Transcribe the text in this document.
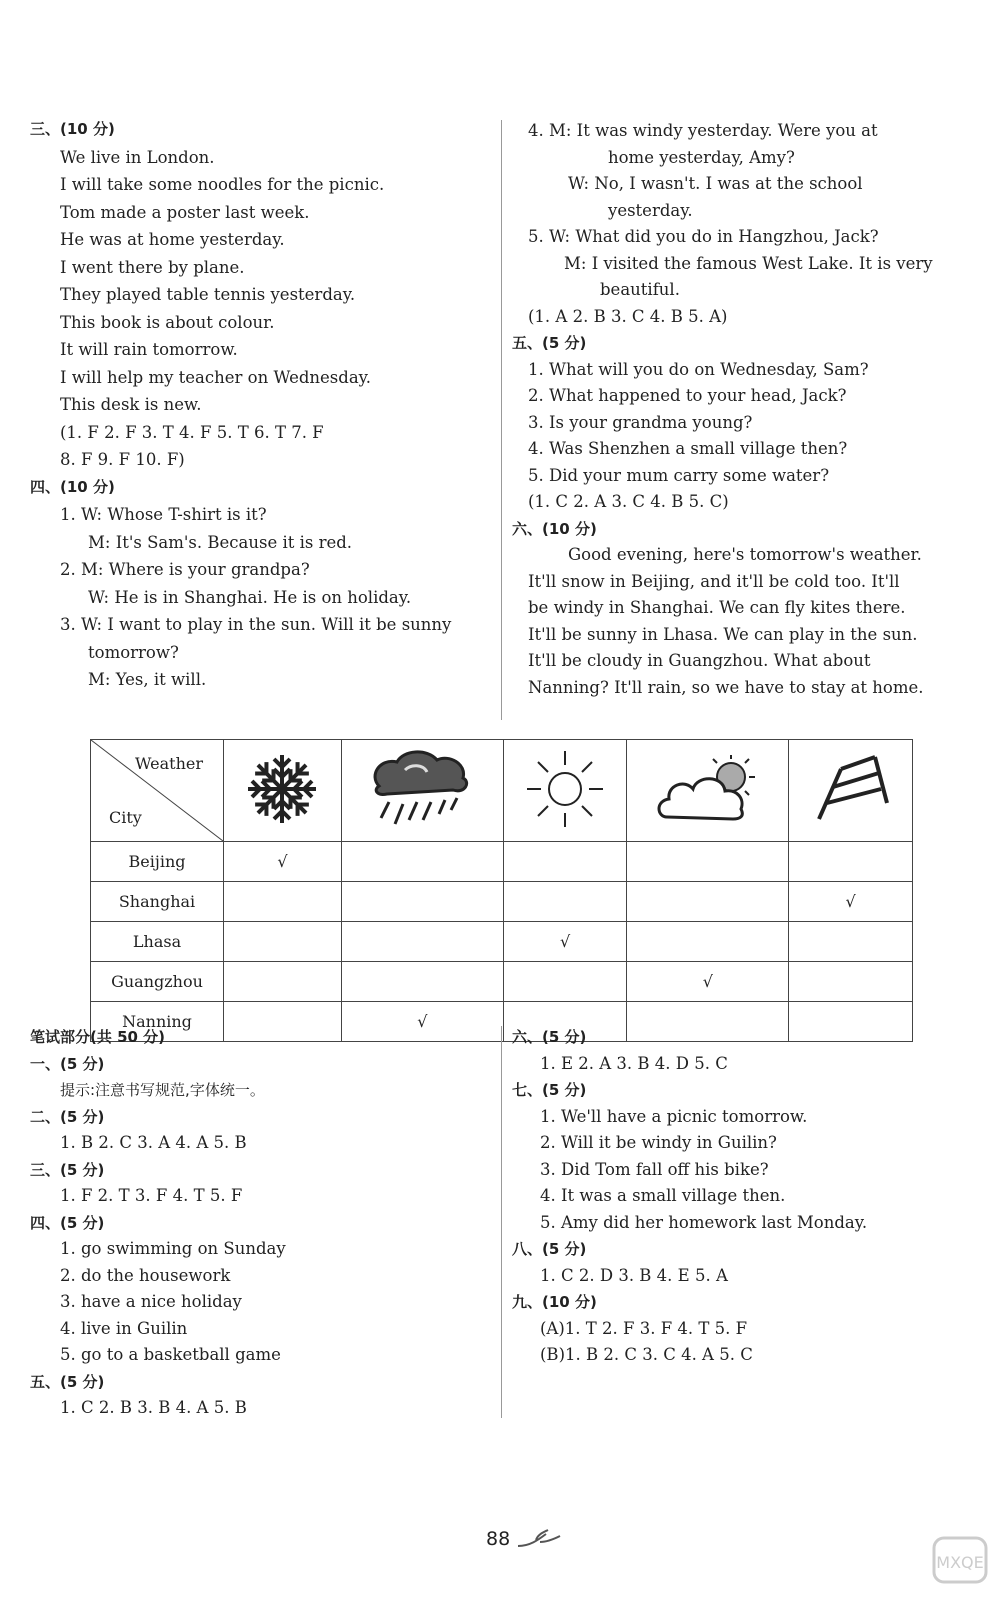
三、(10 分)
We live in London.
I will take some noodles for the picnic.
Tom made a poster last week.
He was at home yesterday.
I went there by plane.
They played table tennis yesterday.
This book is about colour.
It will rain tomorrow.
I will help my teacher on Wednesday.
This desk is new.
(1. F 2. F 3. T 4. F 5. T 6. T 7. F
8. F 9. F 10. F)
四、(10 分)
1. W: Whose T-shirt is it?
M: It's Sam's. Because it is red.
2. M: Where is your grandpa?
W: He is in Shanghai. He is on holiday.
3. W: I want to play in the sun. Will it be sunny
tomorrow?
M: Yes, it will.
4. M: It was windy yesterday. Were you at
home yesterday, Amy?
W: No, I wasn't. I was at the school
yesterday.
5. W: What did you do in Hangzhou, Jack?
M: I visited the famous West Lake. It is very
beautiful.
(1. A 2. B 3. C 4. B 5. A)
五、(5 分)
1. What will you do on Wednesday, Sam?
2. What happened to your head, Jack?
3. Is your grandma young?
4. Was Shenzhen a small village then?
5. Did your mum carry some water?
(1. C 2. A 3. C 4. B 5. C)
六、(10 分)
Good evening, here's tomorrow's weather.
It'll snow in Beijing, and it'll be cold too. It'll
be windy in Shanghai. We can fly kites there.
It'll be sunny in Lhasa. We can play in the sun.
It'll be cloudy in Guangzhou. What about
Nanning? It'll rain, so we have to stay at home.
Weather
City

Beijing	√				
Shanghai					√
Lhasa			√		
Guangzhou				√	
Nanning		√			
笔试部分(共 50 分)
一、(5 分)
提示:注意书写规范,字体统一。
二、(5 分)
1. B 2. C 3. A 4. A 5. B
三、(5 分)
1. F 2. T 3. F 4. T 5. F
四、(5 分)
1. go swimming on Sunday
2. do the housework
3. have a nice holiday
4. live in Guilin
5. go to a basketball game
五、(5 分)
1. C 2. B 3. B 4. A 5. B
六、(5 分)
1. E 2. A 3. B 4. D 5. C
七、(5 分)
1. We'll have a picnic tomorrow.
2. Will it be windy in Guilin?
3. Did Tom fall off his bike?
4. It was a small village then.
5. Amy did her homework last Monday.
八、(5 分)
1. C 2. D 3. B 4. E 5. A
九、(10 分)
(A)1. T 2. F 3. F 4. T 5. F
(B)1. B 2. C 3. C 4. A 5. C
88
MXQE
